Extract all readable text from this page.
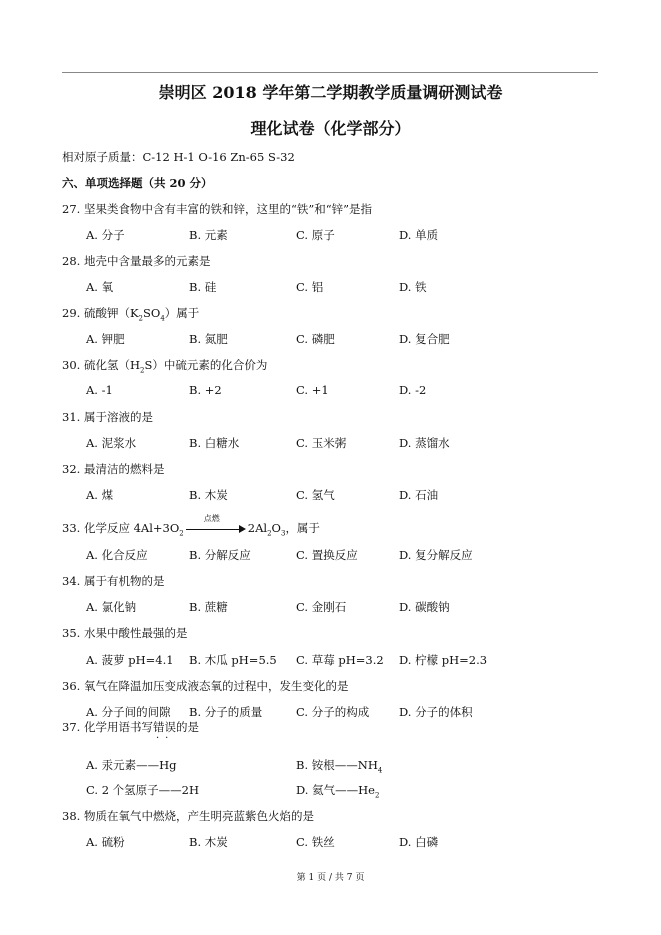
崇明区 2018 学年第二学期教学质量调研测试卷
理化试卷（化学部分）
相对原子质量：C-12 H-1 O-16 Zn-65 S-32
六、单项选择题（共 20 分）
27. 坚果类食物中含有丰富的铁和锌，这里的“铁”和“锌”是指
A. 分子	B. 元素	C. 原子	D. 单质
28. 地壳中含量最多的元素是
A. 氧	B. 硅	C. 铝	D. 铁
29. 硫酸钾$(K_2SO_4)$属于
A. 钾肥	B. 氮肥	C. 磷肥	D. 复合肥
30. 硫化氢$(H_2S)$中硫元素的化合价为
A. -1	B. +2	C. +1	D. -2
31. 属于溶液的是
A. 泥浆水	B. 白糖水	C. 玉米粥	D. 蒸馏水
32. 最清洁的燃料是
A. 煤	B. 木炭	C. 氢气	D. 石油
33. 化学反应 $4Al+3O_2$
点燃
$2Al_2O_3$，属于
A. 化合反应	B. 分解反应	C. 置换反应	D. 复分解反应
34. 属于有机物的是
A. 氯化钠	B. 蔗糖	C. 金刚石	D. 碳酸钠
35. 水果中酸性最强的是
A. 菠萝 pH=4.1 B. 木瓜 pH=5.5 C. 草莓 pH=3.2 D. 柠檬 pH=2.3
36. 氧气在降温加压变成液态氧的过程中，发生变化的是
A. 分子间的间隙 B. 分子的质量	C. 分子的构成	D. 分子的体积
37. 化学用语书写错误的是
··
A. 汞元素——Hg	B. 铵根$——NH_4$
C. 2 个氢原子——2H	D. 氦气$——He_2$
38. 物质在氧气中燃烧，产生明亮蓝紫色火焰的是
A. 硫粉	B. 木炭	C. 铁丝	D. 白磷
第 1 页 / 共 7 页
